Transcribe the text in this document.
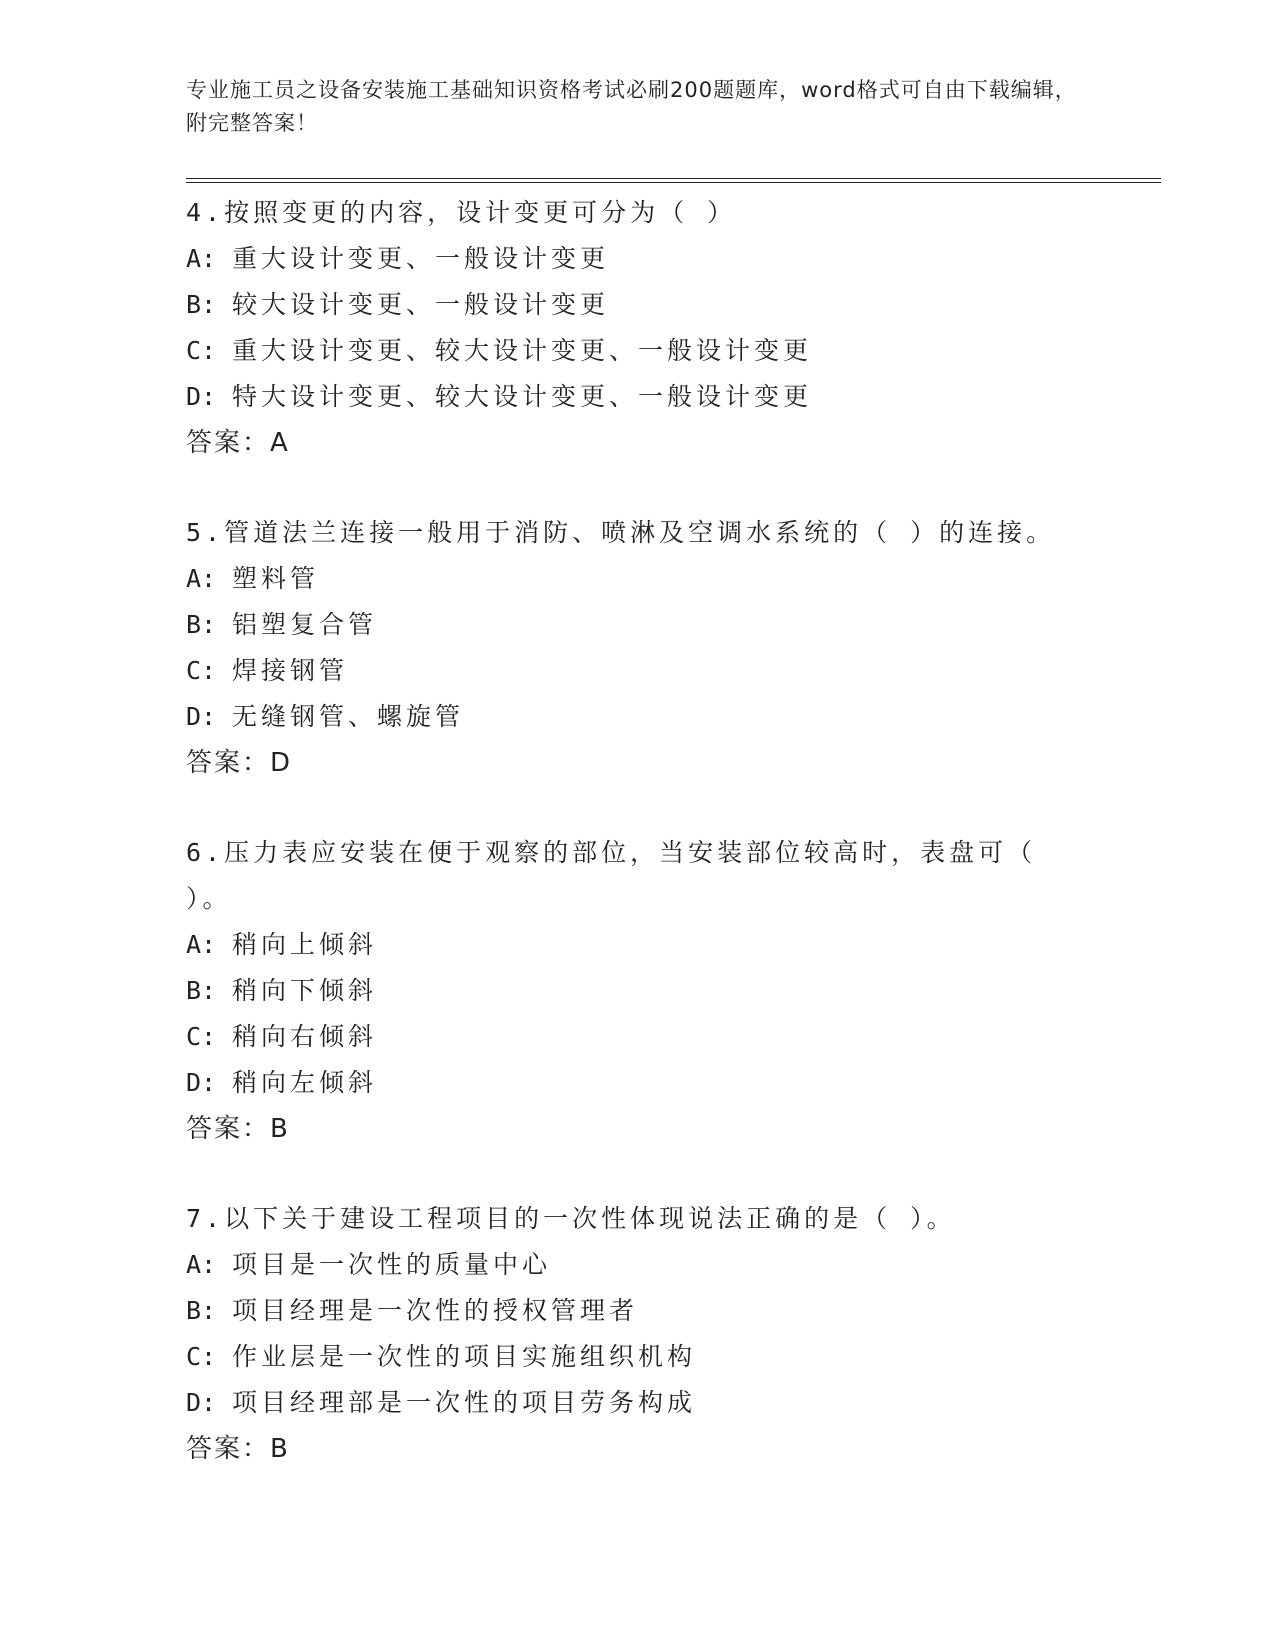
专业施工员之设备安装施工基础知识资格考试必刷200题题库，word格式可自由下载编辑，附完整答案！
4.按照变更的内容，设计变更可分为（ ）
A: 重大设计变更、一般设计变更
B: 较大设计变更、一般设计变更
C: 重大设计变更、较大设计变更、一般设计变更
D: 特大设计变更、较大设计变更、一般设计变更
答案：A
5.管道法兰连接一般用于消防、喷淋及空调水系统的（ ）的连接。
A: 塑料管
B: 铝塑复合管
C: 焊接钢管
D: 无缝钢管、螺旋管
答案：D
6.压力表应安装在便于观察的部位，当安装部位较高时，表盘可（ ）。
A: 稍向上倾斜
B: 稍向下倾斜
C: 稍向右倾斜
D: 稍向左倾斜
答案：B
7.以下关于建设工程项目的一次性体现说法正确的是（ ）。
A: 项目是一次性的质量中心
B: 项目经理是一次性的授权管理者
C: 作业层是一次性的项目实施组织机构
D: 项目经理部是一次性的项目劳务构成
答案：B
